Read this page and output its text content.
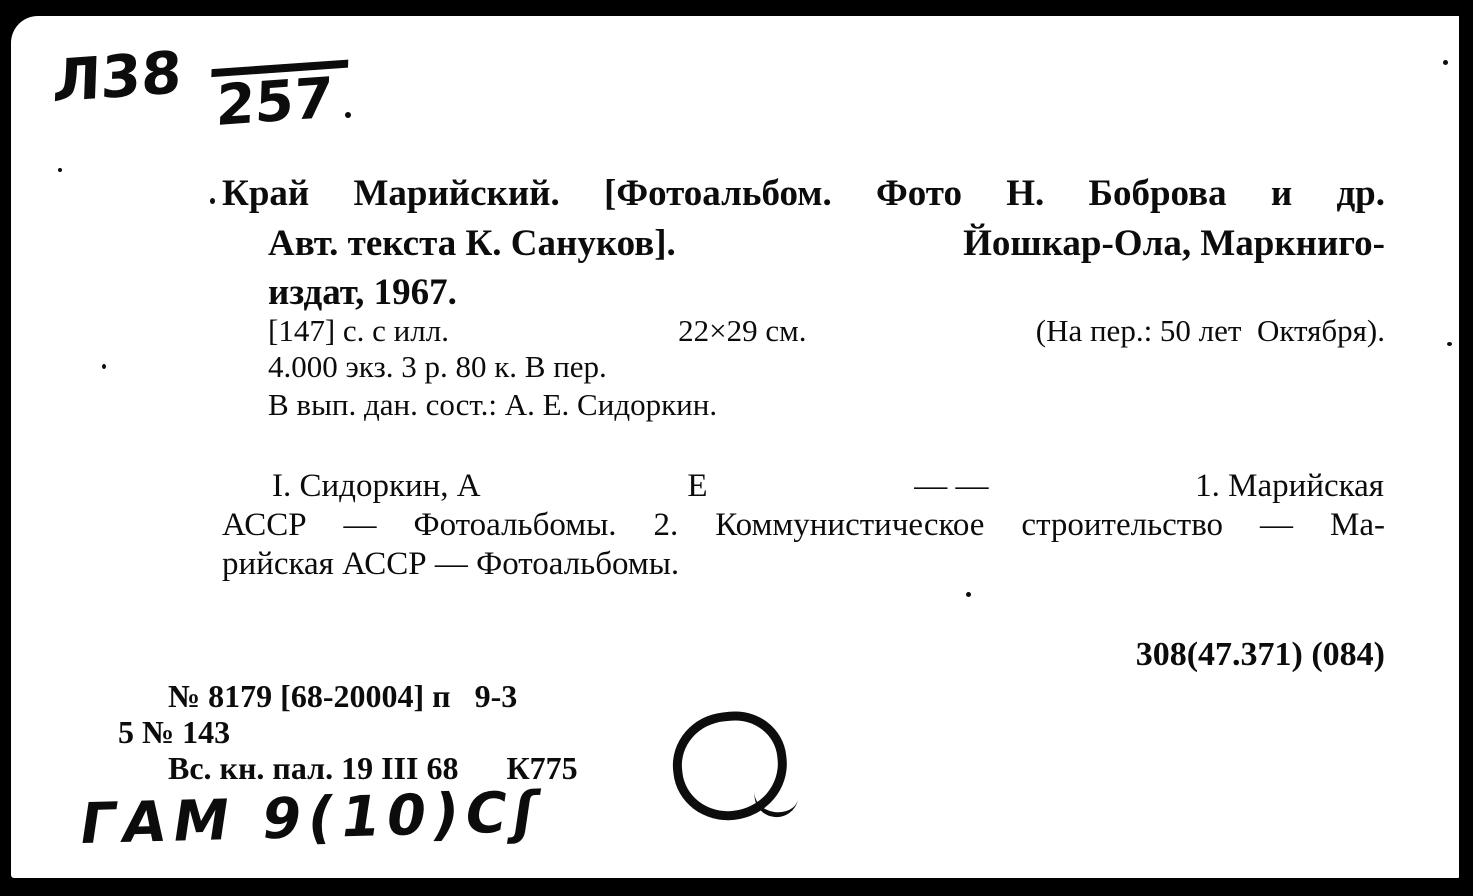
Л38 257
Край Марийский. [Фотоальбом. Фото Н. Боброва и др.
Авт. текста К. Сануков].	Йошкар-Ола, Маркниго-
издат, 1967.
[147] с. с илл.	22×29 см.	(На пер.: 50 лет  Октября).
4.000 экз. 3 р. 80 к. В пер.
В вып. дан. сост.: А. Е. Сидоркин.
I. Сидоркин, А	Е	— —	1. Марийская
АССР — Фотоальбомы. 2. Коммунистическое строительство — Ма-
рийская АССР — Фотоальбомы.
308(47.371) (084)
№ 8179 [68-20004] п   9-3
5 № 143
Вс. кн. пал. 19 III 68      К775
ГАМ 9(10)Сʃ
